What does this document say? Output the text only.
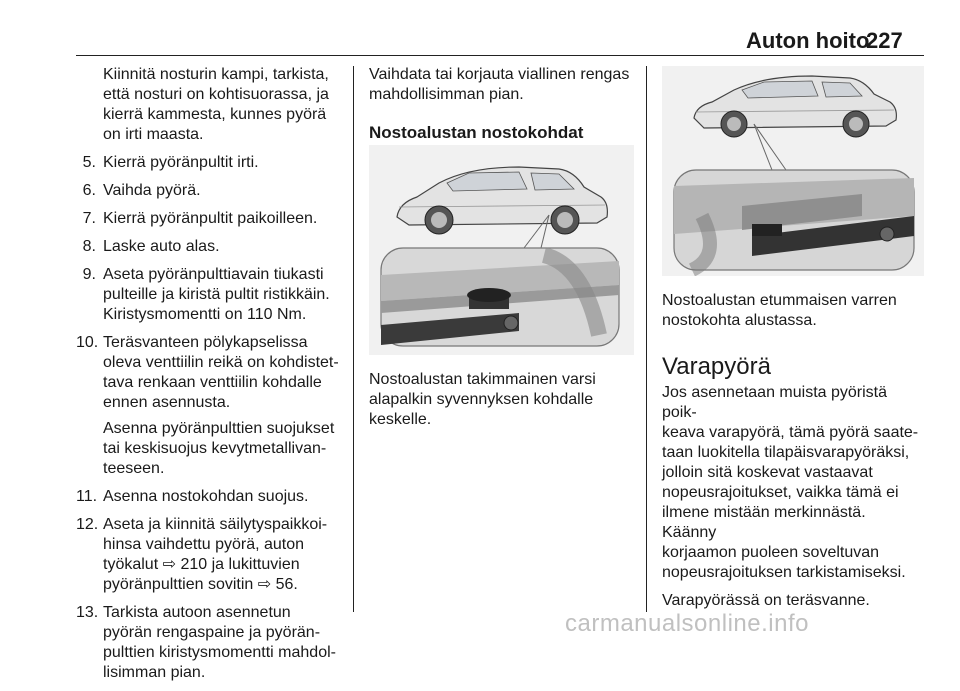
Auton hoito
227

Kiinnitä nosturin kampi, tarkista,
että nosturi on kohtisuorassa, ja
kierrä kammesta, kunnes pyörä
on irti maasta.

5. Kierrä pyöränpultit irti.
6. Vaihda pyörä.
7. Kierrä pyöränpultit paikoilleen.
8. Laske auto alas.
9. Aseta pyöränpulttiavain tiukasti
pulteille ja kiristä pultit ristikkäin.
Kiristysmomentti on 110 Nm.
10. Teräsvanteen pölykapselissa
oleva venttiilin reikä on kohdistet-
tava renkaan venttiilin kohdalle
ennen asennusta.

Asenna pyöränpulttien suojukset
tai keskisuojus kevytmetallivan-
teeseen.

11. Asenna nostokohdan suojus.
12. Aseta ja kiinnitä säilytyspaikkoi-
hinsa vaihdettu pyörä, auton
työkalut ⇨ 210 ja lukittuvien
pyöränpulttien sovitin ⇨ 56.
13. Tarkista autoon asennetun
pyörän rengaspaine ja pyörän-
pulttien kiristysmomentti mahdol-
lisimman pian.

Vaihdata tai korjauta viallinen rengas
mahdollisimman pian.

Nostoalustan nostokohdat

Nostoalustan takimmainen varsi
alapalkin syvennyksen kohdalle
keskelle.

Nostoalustan etummaisen varren
nostokohta alustassa.

Varapyörä

Jos asennetaan muista pyöristä poik-
keava varapyörä, tämä pyörä saate-
taan luokitella tilapäisvarapyöräksi,
jolloin sitä koskevat vastaavat
nopeusrajoitukset, vaikka tämä ei
ilmene mistään merkinnästä. Käänny
korjaamon puoleen soveltuvan
nopeusrajoituksen tarkistamiseksi.

Varapyörässä on teräsvanne.

carmanualsonline.info
